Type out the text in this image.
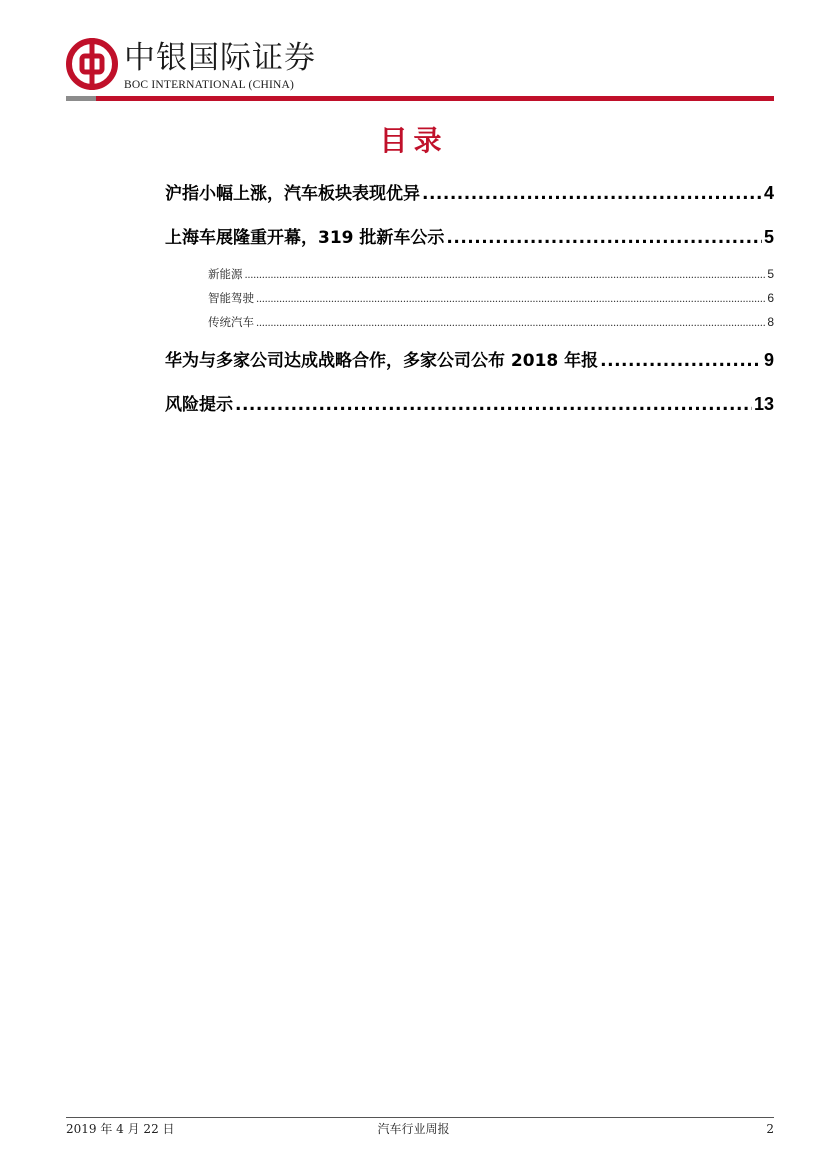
中银国际证券
BOC INTERNATIONAL (CHINA)
目录
沪指小幅上涨，汽车板块表现优异 .....	4
上海车展隆重开幕，319 批新车公示 .....	5
新能源 .....	5
智能驾驶 .....	6
传统汽车 .....	8
华为与多家公司达成战略合作，多家公司公布 2018 年报 .....	9
风险提示 .....	13
2019 年 4 月 22 日	汽车行业周报	2
